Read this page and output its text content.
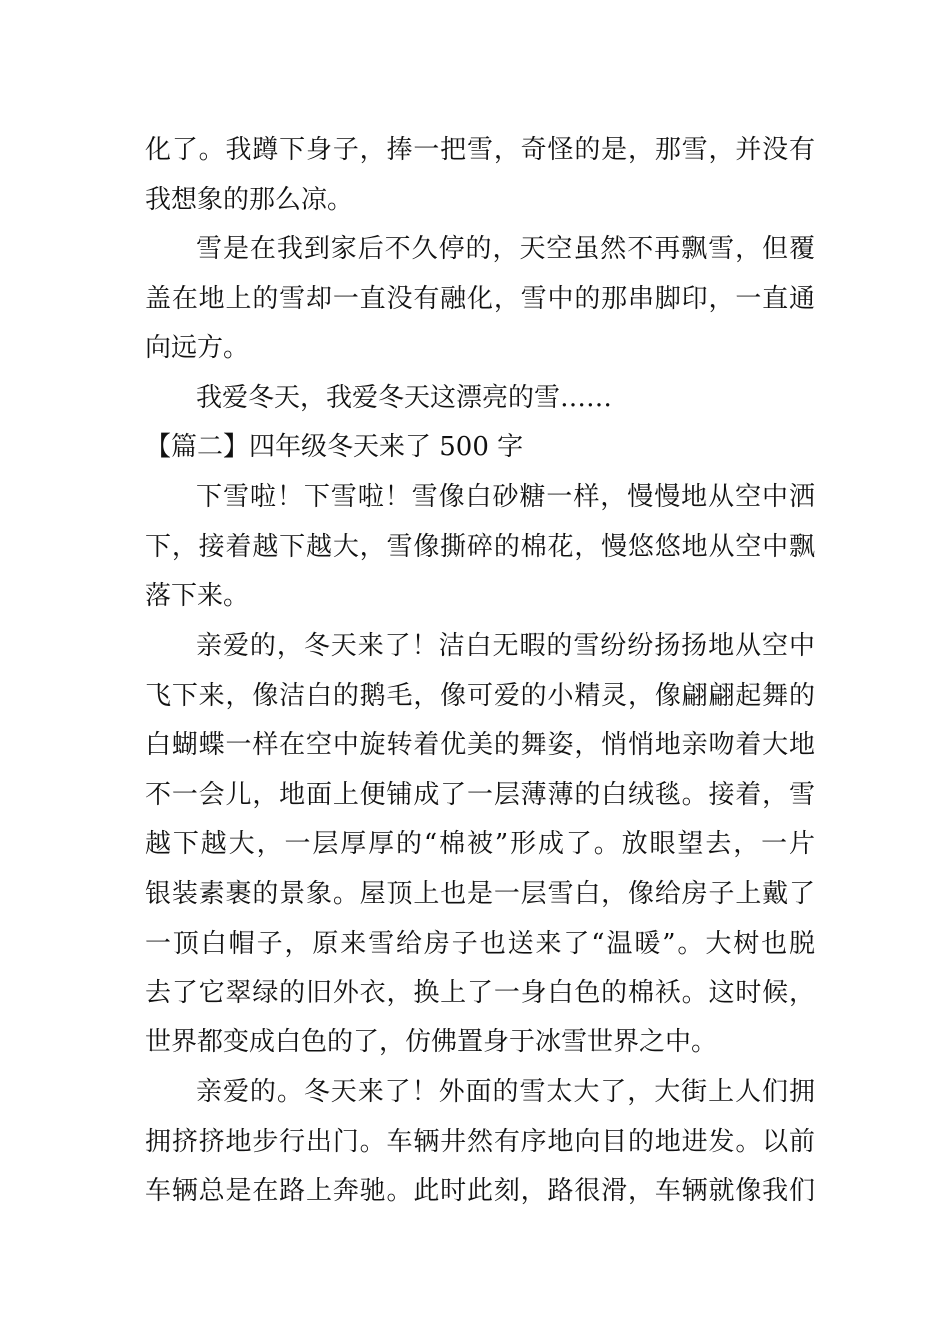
化了。我蹲下身子，捧一把雪，奇怪的是，那雪，并没有
我想象的那么凉。
雪是在我到家后不久停的，天空虽然不再飘雪，但覆
盖在地上的雪却一直没有融化，雪中的那串脚印，一直通
向远方。
我爱冬天，我爱冬天这漂亮的雪……
【篇二】四年级冬天来了 500 字
下雪啦！下雪啦！雪像白砂糖一样，慢慢地从空中洒
下，接着越下越大，雪像撕碎的棉花，慢悠悠地从空中飘
落下来。
亲爱的，冬天来了！洁白无暇的雪纷纷扬扬地从空中
飞下来，像洁白的鹅毛，像可爱的小精灵，像翩翩起舞的
白蝴蝶一样在空中旋转着优美的舞姿，悄悄地亲吻着大地
不一会儿，地面上便铺成了一层薄薄的白绒毯。接着，雪
越下越大，一层厚厚的“棉被”形成了。放眼望去，一片
银装素裹的景象。屋顶上也是一层雪白，像给房子上戴了
一顶白帽子，原来雪给房子也送来了“温暖”。大树也脱
去了它翠绿的旧外衣，换上了一身白色的棉袄。这时候，
世界都变成白色的了，仿佛置身于冰雪世界之中。
亲爱的。冬天来了！外面的雪太大了，大街上人们拥
拥挤挤地步行出门。车辆井然有序地向目的地进发。以前
车辆总是在路上奔驰。此时此刻，路很滑，车辆就像我们
